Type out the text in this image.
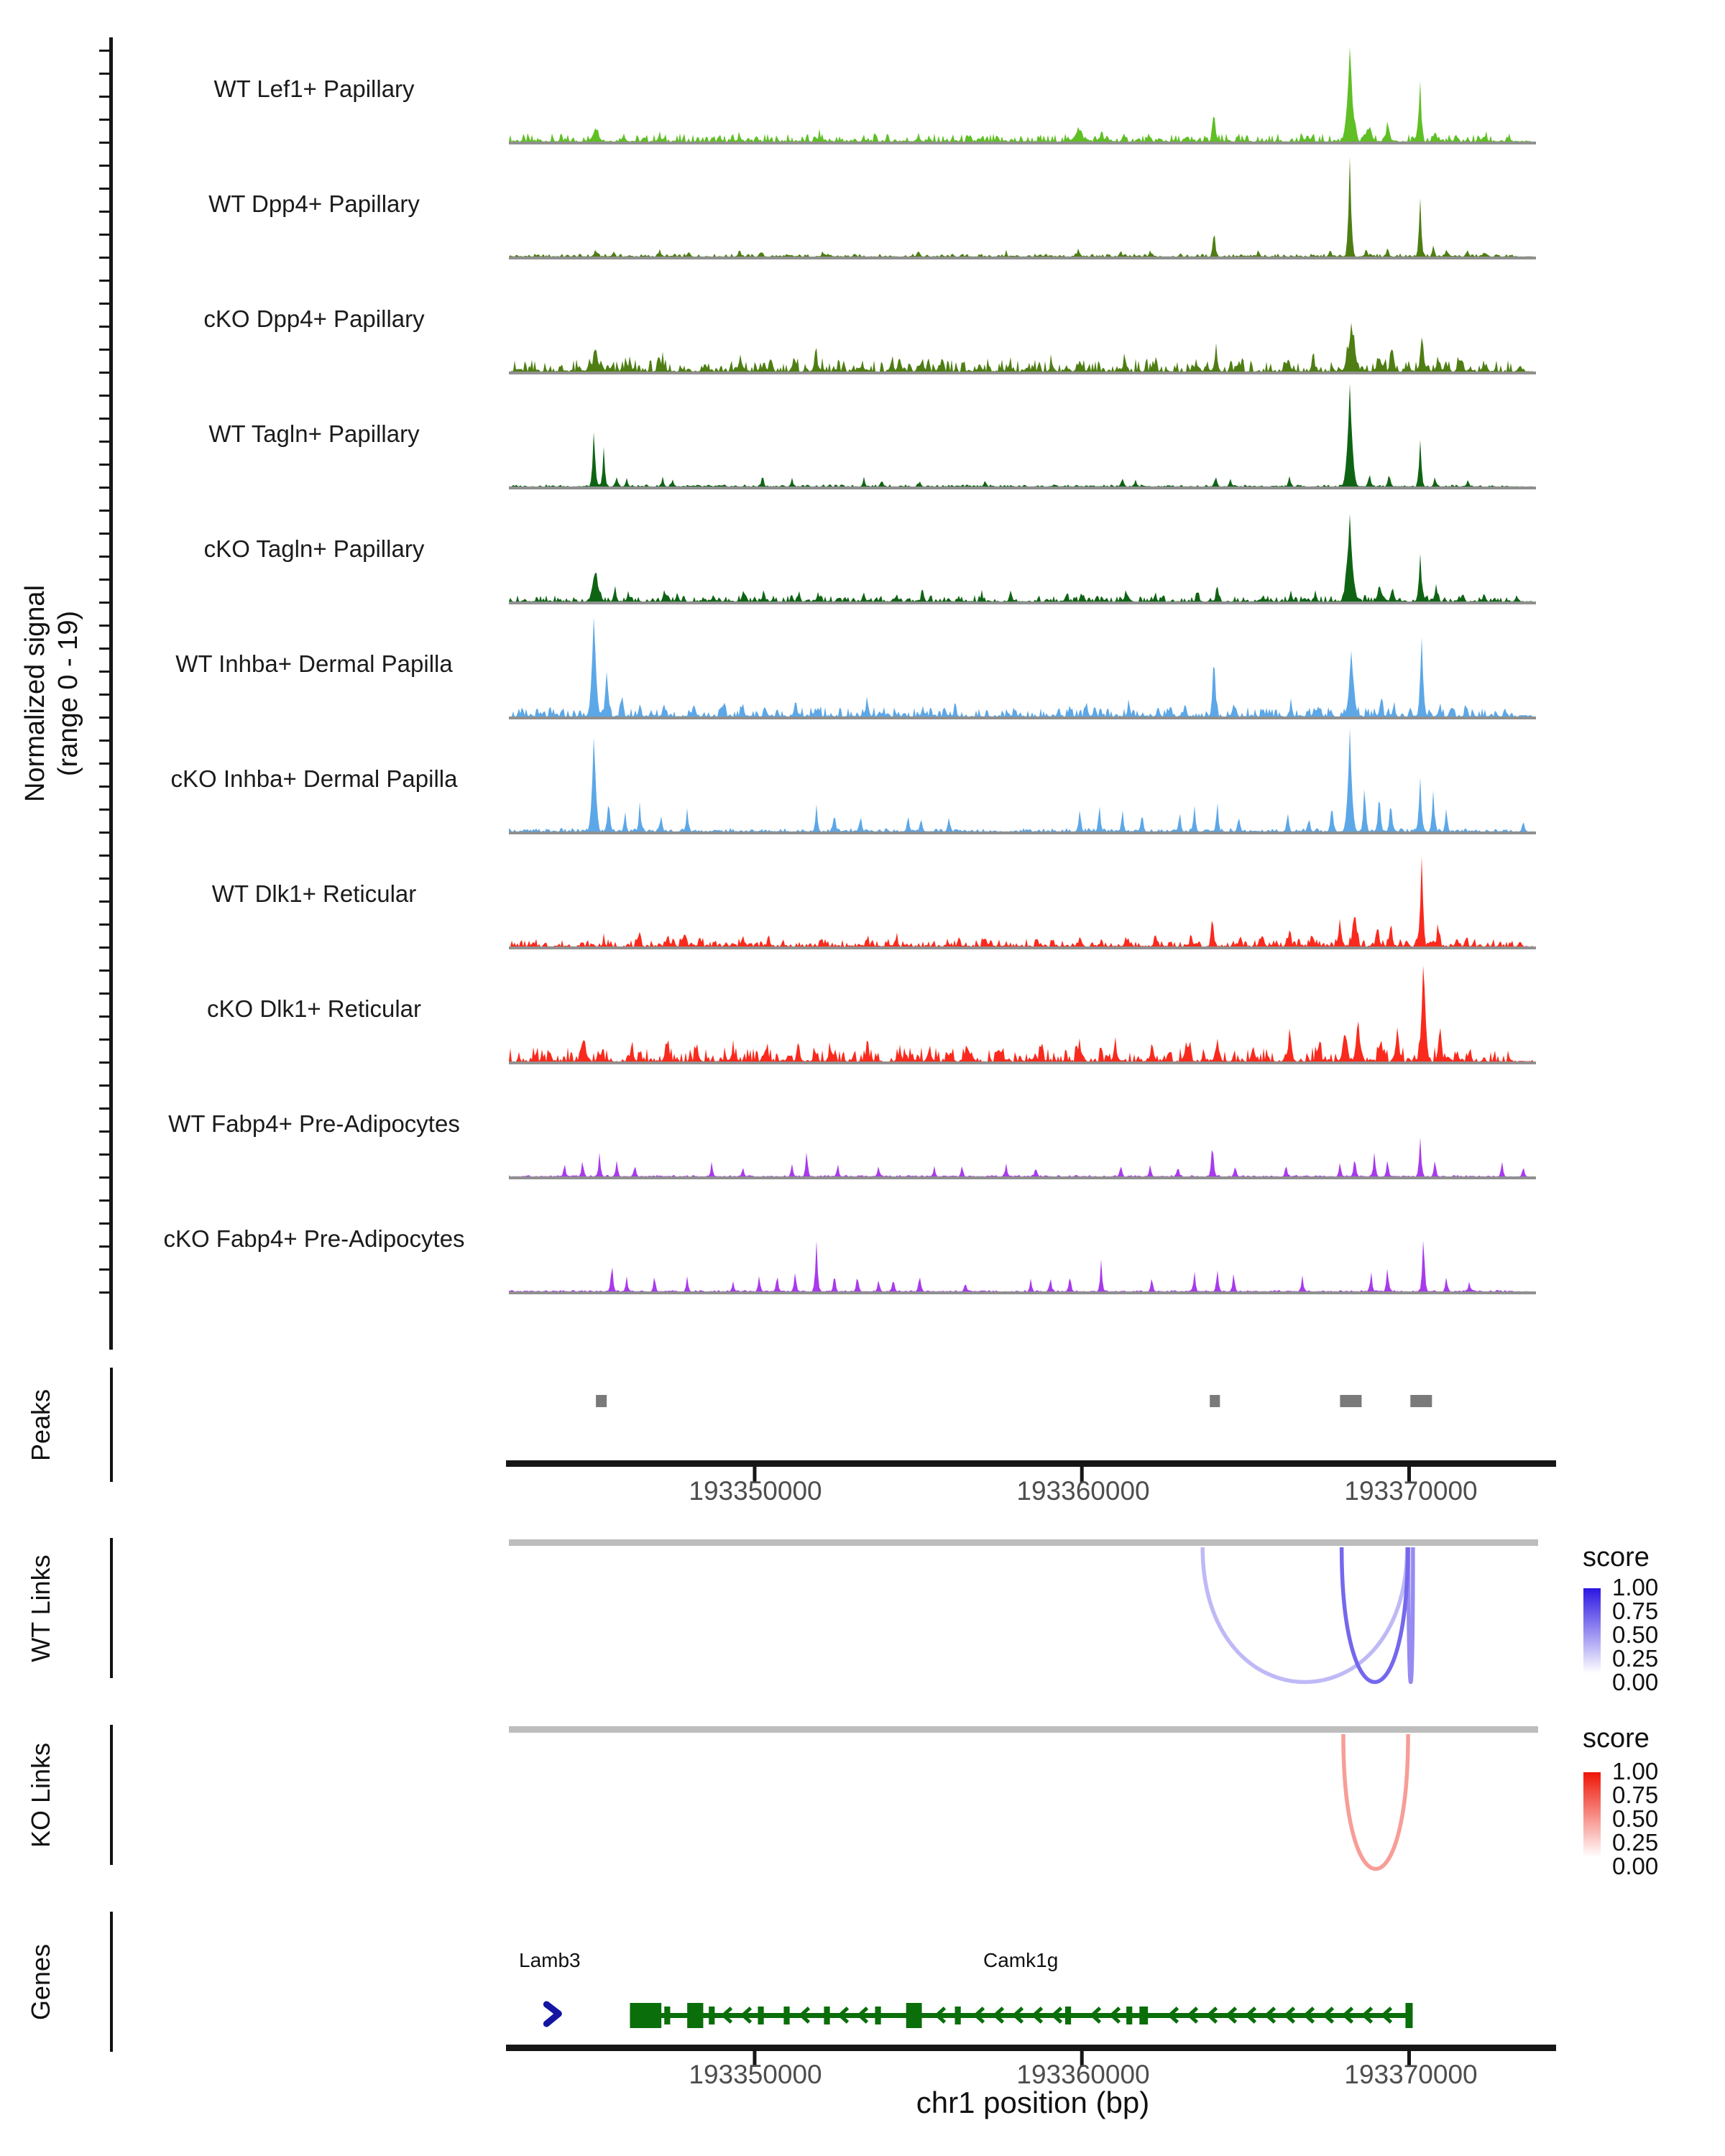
Normalized signal (range 0 - 19)
Peaks
WT Links
KO Links
Genes
WT Lef1+ Papillary
WT Dpp4+ Papillary
cKO Dpp4+ Papillary
WT Tagln+ Papillary
cKO Tagln+ Papillary
WT Inhba+ Dermal Papilla
cKO Inhba+ Dermal Papilla
WT Dlk1+ Reticular
cKO Dlk1+ Reticular
WT Fabp4+ Pre-Adipocytes
cKO Fabp4+ Pre-Adipocytes
193350000	193360000	193370000
score
1.00
0.75
0.50
0.25
0.00
score
1.00
0.75
0.50
0.25
0.00
Lamb3	Camk1g
193350000	193360000	193370000
chr1 position (bp)
